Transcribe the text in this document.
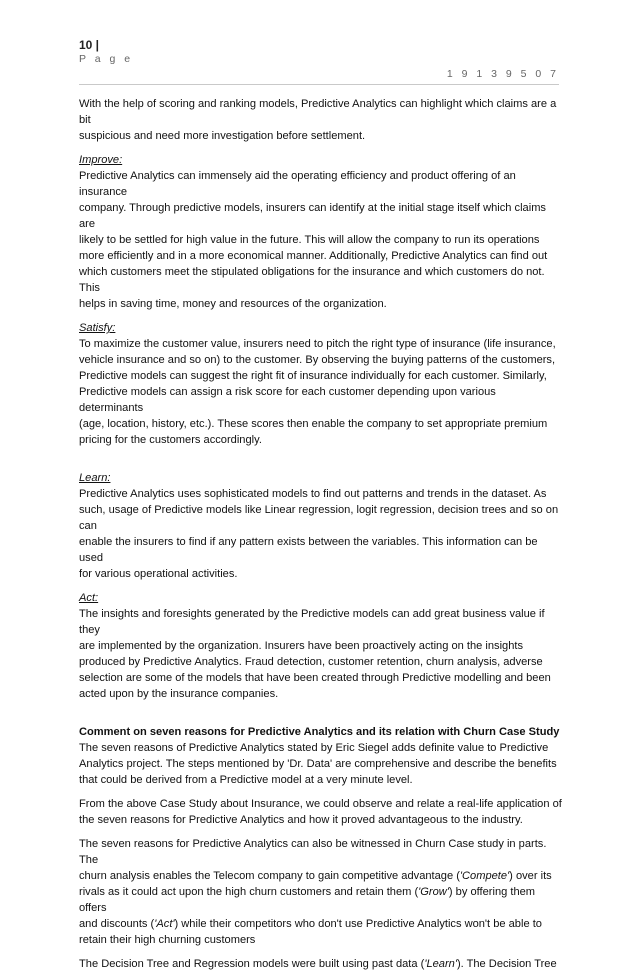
10 |
P a g e
1 9 1 3 9 5 0 7

With the help of scoring and ranking models, Predictive Analytics can highlight which claims are a bit

suspicious and need more investigation before settlement.

Improve:

Predictive Analytics can immensely aid the operating efficiency and product offering of an insurance

company. Through predictive models, insurers can identify at the initial stage itself which claims are

likely to be settled for high value in the future. This will allow the company to run its operations

more efficiently and in a more economical manner. Additionally, Predictive Analytics can find out

which customers meet the stipulated obligations for the insurance and which customers do not. This

helps in saving time, money and resources of the organization.

Satisfy:

To maximize the customer value, insurers need to pitch the right type of insurance (life insurance,

vehicle insurance and so on) to the customer. By observing the buying patterns of the customers,

Predictive models can suggest the right fit of insurance individually for each customer. Similarly,

Predictive models can assign a risk score for each customer depending upon various determinants

(age, location, history, etc.). These scores then enable the company to set appropriate premium

pricing for the customers accordingly.

Learn:

Predictive Analytics uses sophisticated models to find out patterns and trends in the dataset. As

such, usage of Predictive models like Linear regression, logit regression, decision trees and so on can

enable the insurers to find if any pattern exists between the variables. This information can be used

for various operational activities.

Act:

The insights and foresights generated by the Predictive models can add great business value if they

are implemented by the organization. Insurers have been proactively acting on the insights

produced by Predictive Analytics. Fraud detection, customer retention, churn analysis, adverse

selection are some of the models that have been created through Predictive modelling and been

acted upon by the insurance companies.

Comment on seven reasons for Predictive Analytics and its relation with Churn Case Study

The seven reasons of Predictive Analytics stated by Eric Siegel adds definite value to Predictive

Analytics project. The steps mentioned by 'Dr. Data' are comprehensive and describe the benefits

that could be derived from a Predictive model at a very minute level.

From the above Case Study about Insurance, we could observe and relate a real-life application of

the seven reasons for Predictive Analytics and how it proved advantageous to the industry.

The seven reasons for Predictive Analytics can also be witnessed in Churn Case study in parts. The

churn analysis enables the Telecom company to gain competitive advantage ('Compete') over its

rivals as it could act upon the high churn customers and retain them ('Grow') by offering them offers

and discounts ('Act') while their competitors who don't use Predictive Analytics won't be able to

retain their high churning customers

The Decision Tree and Regression models were built using past data ('Learn'). The Decision Tree
